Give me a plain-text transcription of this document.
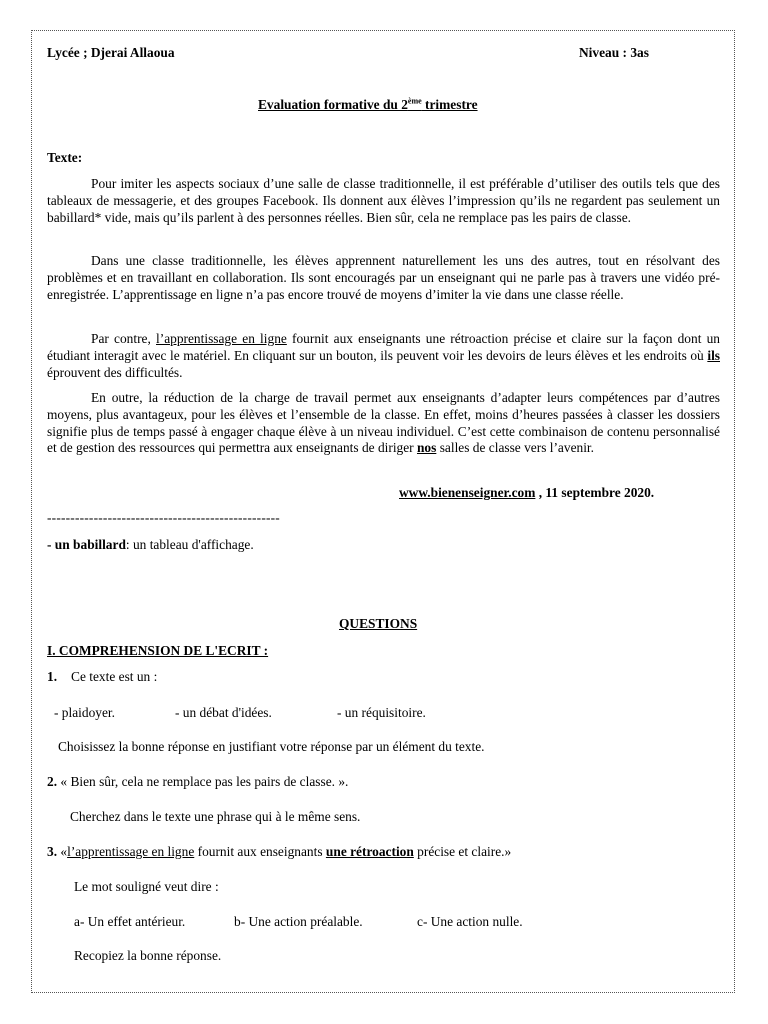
Lycée ; Djerai Allaoua	Niveau : 3as
Evaluation formative du 2ème trimestre
Texte:

Pour imiter les aspects sociaux d’une salle de classe traditionnelle, il est préférable d’utiliser des outils tels que des tableaux de messagerie, et des groupes Facebook. Ils donnent aux élèves l’impression qu’ils ne regardent pas seulement un babillard* vide, mais qu’ils parlent à des personnes réelles. Bien sûr, cela ne remplace pas les pairs de classe.

Dans une classe traditionnelle, les élèves apprennent naturellement les uns des autres, tout en résolvant des problèmes et en travaillant en collaboration. Ils sont encouragés par un enseignant qui ne parle pas à travers une vidéo pré-enregistrée. L’apprentissage en ligne n’a pas encore trouvé de moyens d’imiter la vie dans une classe réelle.

Par contre, l’apprentissage en ligne fournit aux enseignants une rétroaction précise et claire sur la façon dont un étudiant interagit avec le matériel. En cliquant sur un bouton, ils peuvent voir les devoirs de leurs élèves et les endroits où ils éprouvent des difficultés.

En outre, la réduction de la charge de travail permet aux enseignants d’adapter leurs compétences par d’autres moyens, plus avantageux, pour les élèves et l’ensemble de la classe. En effet, moins d’heures passées à classer les dossiers signifie plus de temps passé à engager chaque élève à un niveau individuel. C’est cette combinaison de contenu personnalisé et de gestion des ressources qui permettra aux enseignants de diriger nos salles de classe vers l’avenir.

www.bienenseigner.com , 11 septembre 2020.
--------------------------------------------------
- un babillard: un tableau d'affichage.
QUESTIONS
I. COMPREHENSION DE L'ECRIT :
1. Ce texte est un :
- plaidoyer.	- un débat d'idées.	- un réquisitoire.
Choisissez la bonne réponse en justifiant votre réponse par un élément du texte.
2. « Bien sûr, cela ne remplace pas les pairs de classe. ».
Cherchez dans le texte une phrase qui à le même sens.
3. «l’apprentissage en ligne fournit aux enseignants une rétroaction précise et claire.»
Le mot souligné veut dire :
a- Un effet antérieur.	b- Une action préalable.	c- Une action nulle.
Recopiez la bonne réponse.
